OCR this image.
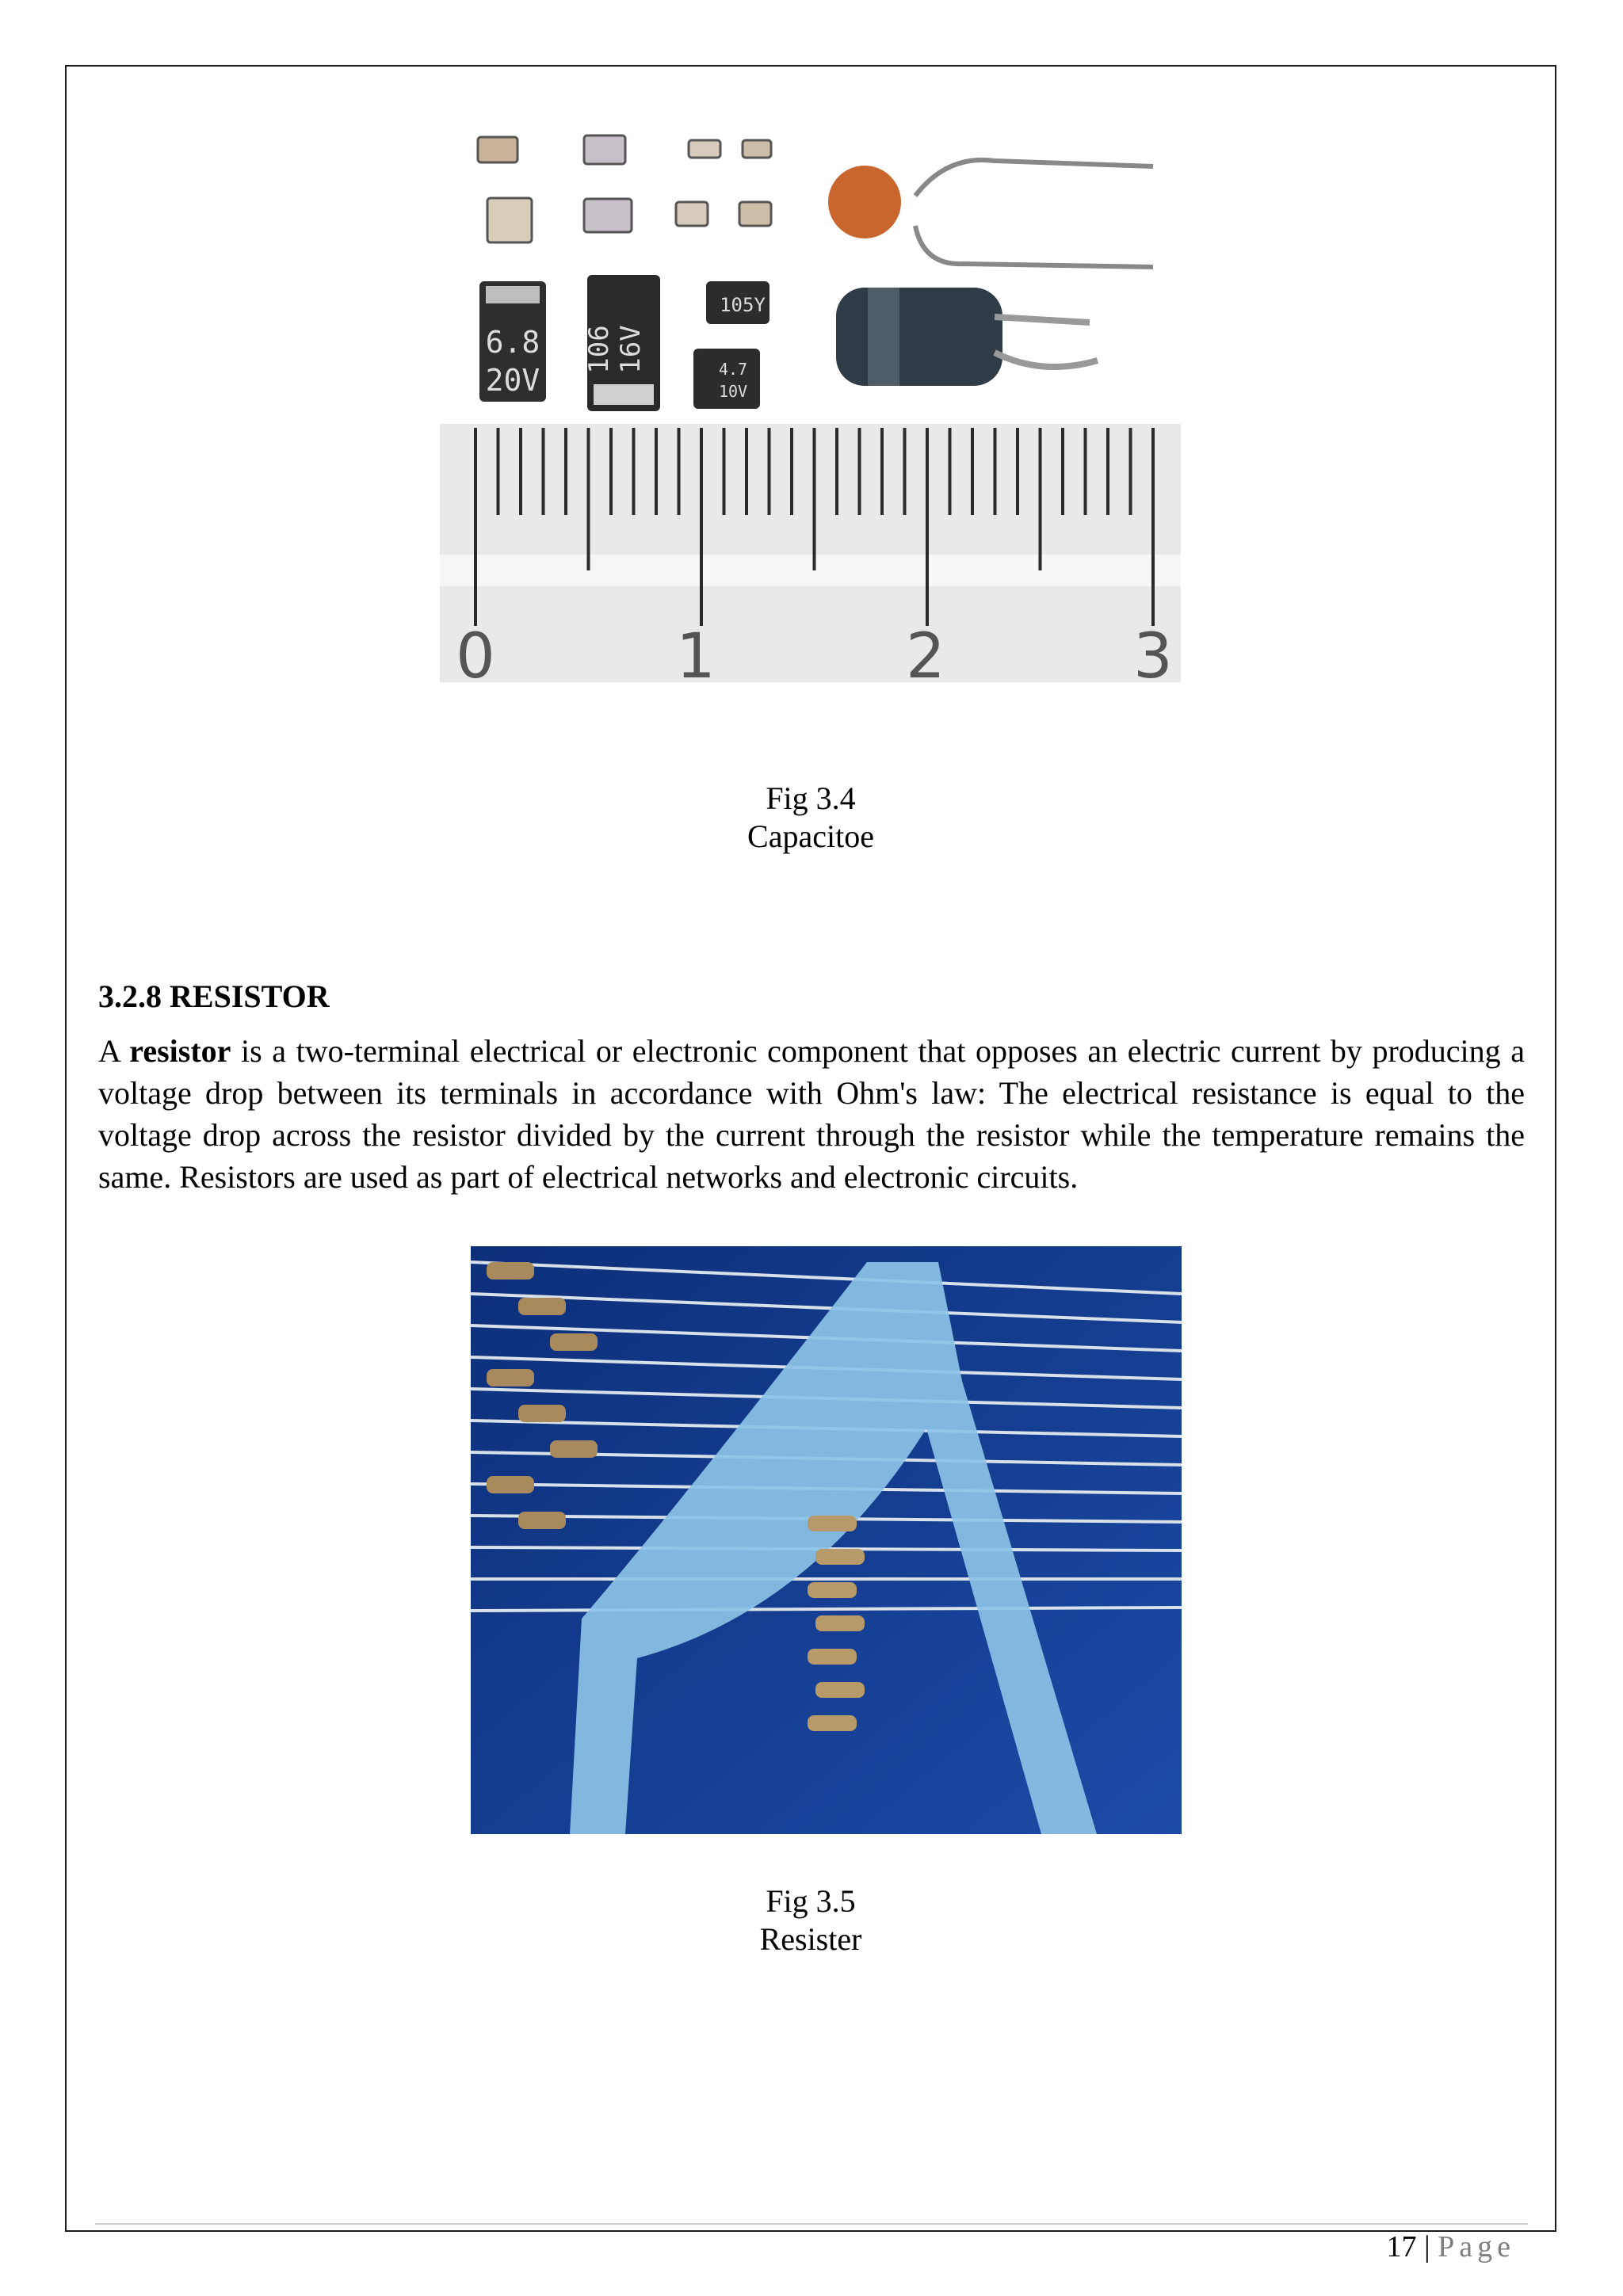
6.8
20V
106 16V
105Y
4.7
10V
0	1	2	3
Fig 3.4
Capacitoe
3.2.8 RESISTOR

A resistor is a two-terminal electrical or electronic component that opposes an electric current by producing a voltage drop between its terminals in accordance with Ohm's law: The electrical resistance is equal to the voltage drop across the resistor divided by the current through the resistor while the temperature remains the same. Resistors are used as part of electrical networks and electronic circuits.

Fig 3.5
Resister
17 | Page
